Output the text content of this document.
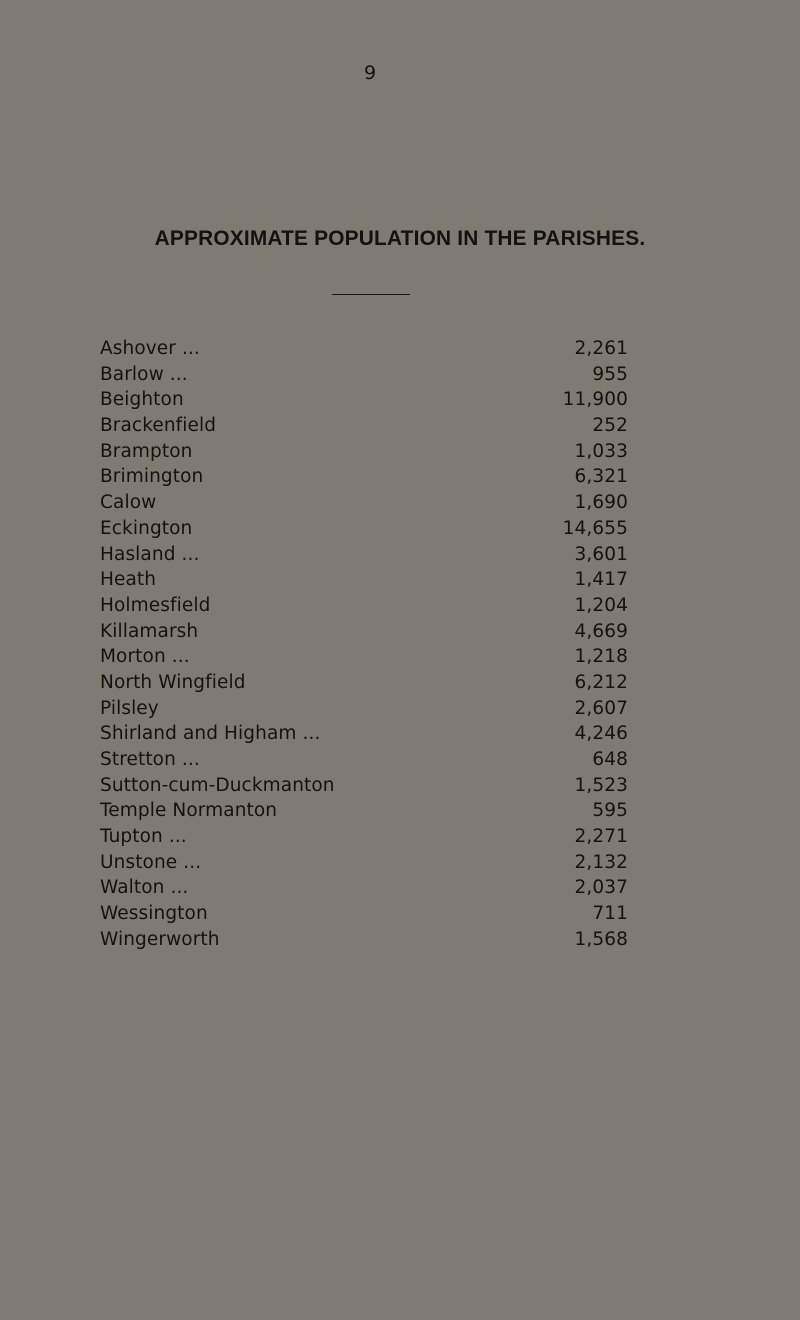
9
APPROXIMATE POPULATION IN THE PARISHES.
Ashover ...	2,261
Barlow ...	955
Beighton	11,900
Brackenfield	252
Brampton	1,033
Brimington	6,321
Calow	1,690
Eckington	14,655
Hasland ...	3,601
Heath	1,417
Holmesfield	1,204
Killamarsh	4,669
Morton ...	1,218
North Wingfield	6,212
Pilsley	2,607
Shirland and Higham ...	4,246
Stretton ...	648
Sutton-cum-Duckmanton	1,523
Temple Normanton	595
Tupton ...	2,271
Unstone ...	2,132
Walton ...	2,037
Wessington	711
Wingerworth	1,568
